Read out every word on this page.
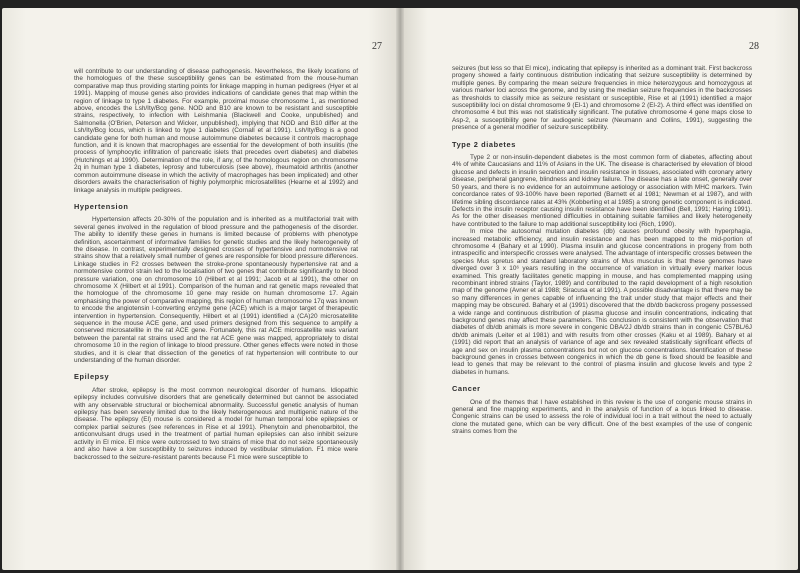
27

will contribute to our understanding of disease pathogenesis. Nevertheless, the likely locations of the homologues of the these susceptibility genes can be estimated from the mouse-human comparative map thus providing starting points for linkage mapping in human pedigrees (Hyer et al 1991). Mapping of mouse genes also provides indications of candidate genes that map within the region of linkage to type 1 diabetes. For example, proximal mouse chromosome 1, as mentioned above, encodes the Lsh/Ity/Bcg gene. NOD and B10 are known to be resistant and susceptible strains, respectively, to infection with Leishmania (Blackwell and Cooke, unpublished) and Salmonella (O'Brien, Peterson and Wicker, unpublished), implying that NOD and B10 differ at the Lsh/Ity/Bcg locus, which is linked to type 1 diabetes (Cornall et al 1991). Lsh/Ity/Bcg is a good candidate gene for both human and mouse autoimmune diabetes because it controls macrophage function, and it is known that macrophages are essential for the development of both insulitis (the process of lymphocytic infiltration of pancreatic islets that precedes overt diabetes) and diabetes (Hutchings et al 1990). Determination of the role, if any, of the homologous region on chromosome 2q in human type 1 diabetes, leprosy and tuberculosis (see above), rheumatoid arthritis (another common autoimmune disease in which the activity of macrophages has been implicated) and other disorders awaits the characterisation of highly polymorphic microsatellites (Hearne et al 1992) and linkage analysis in multiple pedigrees.

Hypertension

Hypertension affects 20-30% of the population and is inherited as a multifactorial trait with several genes involved in the regulation of blood pressure and the pathogenesis of the disorder. The ability to identify these genes in humans is limited because of problems with phenotype definition, ascertainment of informative families for genetic studies and the likely heterogeneity of the disease. In contrast, experimentally designed crosses of hypertensive and normotensive rat strains show that a relatively small number of genes are responsible for blood pressure differences. Linkage studies in F2 crosses between the stroke-prone spontaneously hypertensive rat and a normotensive control strain led to the localisation of two genes that contribute significantly to blood pressure variation, one on chromosome 10 (Hilbert et al 1991; Jacob et al 1991), the other on chromosome X (Hilbert et al 1991). Comparison of the human and rat genetic maps revealed that the homologue of the chromosome 10 gene may reside on human chromosome 17. Again emphasising the power of comparative mapping, this region of human chromosome 17q was known to encode the angiotensin I-converting enzyme gene (ACE) which is a major target of therapeutic intervention in hypertension. Consequently, Hilbert et al (1991) identified a (CA)20 microsatellite sequence in the mouse ACE gene, and used primers designed from this sequence to amplify a conserved microsatellite in the rat ACE gene. Fortunately, this rat ACE microsatellite was variant between the parental rat strains used and the rat ACE gene was mapped, appropriately to distal chromosome 10 in the region of linkage to blood pressure. Other genes effects were noted in those studies, and it is clear that dissection of the genetics of rat hypertension will contribute to our understanding of the human disorder.

Epilepsy

After stroke, epilepsy is the most common neurological disorder of humans. Idiopathic epilepsy includes convulsive disorders that are genetically determined but cannot be associated with any observable structural or biochemical abnormality. Successful genetic analysis of human epilepsy has been severely limited due to the likely heterogeneous and multigenic nature of the disease. The epilepsy (El) mouse is considered a model for human temporal lobe epilepsies or complex partial seizures (see references in Rise et al 1991). Phenytoin and phenobarbitol, the anticonvulsant drugs used in the treatment of partial human epilepsies can also inhibit seizure activity in El mice. El mice were outcrossed to two strains of mice that do not seize spontaneously and also have a low susceptibility to seizures induced by vestibular stimulation. F1 mice were backcrossed to the seizure-resistant parents because F1 mice were susceptible to

28

seizures (but less so that El mice), indicating that epilepsy is inherited as a dominant trait. First backcross progeny showed a fairly continuous distribution indicating that seizure susceptibility is determined by multiple genes. By comparing the mean seizure frequencies in mice heterozygous and homozygous at various marker loci across the genome, and by using the median seizure frequencies in the backcrosses as thresholds to classify mice as seizure resistant or susceptible, Rise et al (1991) identified a major susceptibility loci on distal chromosome 9 (El-1) and chromosome 2 (El-2). A third effect was identified on chromosome 4 but this was not statistically significant. The putative chromosome 4 gene maps close to Asp-2, a susceptibility gene for audiogenic seizure (Neumann and Collins, 1991), suggesting the presence of a general modifier of seizure susceptibility.

Type 2 diabetes

Type 2 or non-insulin-dependent diabetes is the most common form of diabetes, affecting about 4% of white Caucasians and 11% of Asians in the UK. The disease is characterised by elevation of blood glucose and defects in insulin secretion and insulin resistance in tissues, associated with coronary artery disease, peripheral gangrene, blindness and kidney failure. The disease has a late onset, generally over 50 years, and there is no evidence for an autoimmune aetiology or association with MHC markers. Twin concordance rates of 93-100% have been reported (Barnett et al 1981; Newman et al 1987), and with lifetime sibling discordance rates at 43% (Kobberling et al 1985) a strong genetic component is indicated. Defects in the insulin receptor causing insulin resistance have been identified (Bell, 1991; Haring 1991). As for the other diseases mentioned difficulties in obtaining suitable families and likely heterogeneity have contributed to the failure to map additional susceptibility loci (Rich, 1990).

In mice the autosomal mutation diabetes (db) causes profound obesity with hyperphagia, increased metabolic efficiency, and insulin resistance and has been mapped to the mid-portion of chromosome 4 (Bahary et al 1990). Plasma insulin and glucose concentrations in progeny from both intraspecific and interspecific crosses were analysed. The advantage of interspecific crosses between the species Mus spretus and standard laboratory strains of Mus musculus is that these genomes have diverged over 3 x 10⁶ years resulting in the occurrence of variation in virtually every marker locus examined. This greatly facilitates genetic mapping in mouse, and has complemented mapping using recombinant inbred strains (Taylor, 1989) and contributed to the rapid development of a high resolution map of the genome (Avner et al 1988; Siracusa et al 1991). A possible disadvantage is that there may be so many differences in genes capable of influencing the trait under study that major effects and their mapping may be obscured. Bahary et al (1991) discovered that the db/db backcross progeny possessed a wide range and continuous distribution of plasma glucose and insulin concentrations, indicating that background genes may affect these parameters. This conclusion is consistent with the observation that diabetes of db/db animals is more severe in congenic DBA/2J db/db strains than in congenic C57BL/6J db/db animals (Leiter et al 1981) and with results from other crosses (Kaku et al 1989). Bahary et al (1991) did report that an analysis of variance of age and sex revealed statistically significant effects of age and sex on insulin plasma concentrations but not on glucose concentrations. Identification of these background genes in crosses between congenics in which the db gene is fixed should be feasible and lead to genes that may be relevant to the control of plasma insulin and glucose levels and type 2 diabetes in humans.

Cancer

One of the themes that I have established in this review is the use of congenic mouse strains in general and fine mapping experiments, and in the analysis of function of a locus linked to disease. Congenic strains can be used to assess the role of individual loci in a trait without the need to actually clone the mutated gene, which can be very difficult. One of the best examples of the use of congenic strains comes from the
